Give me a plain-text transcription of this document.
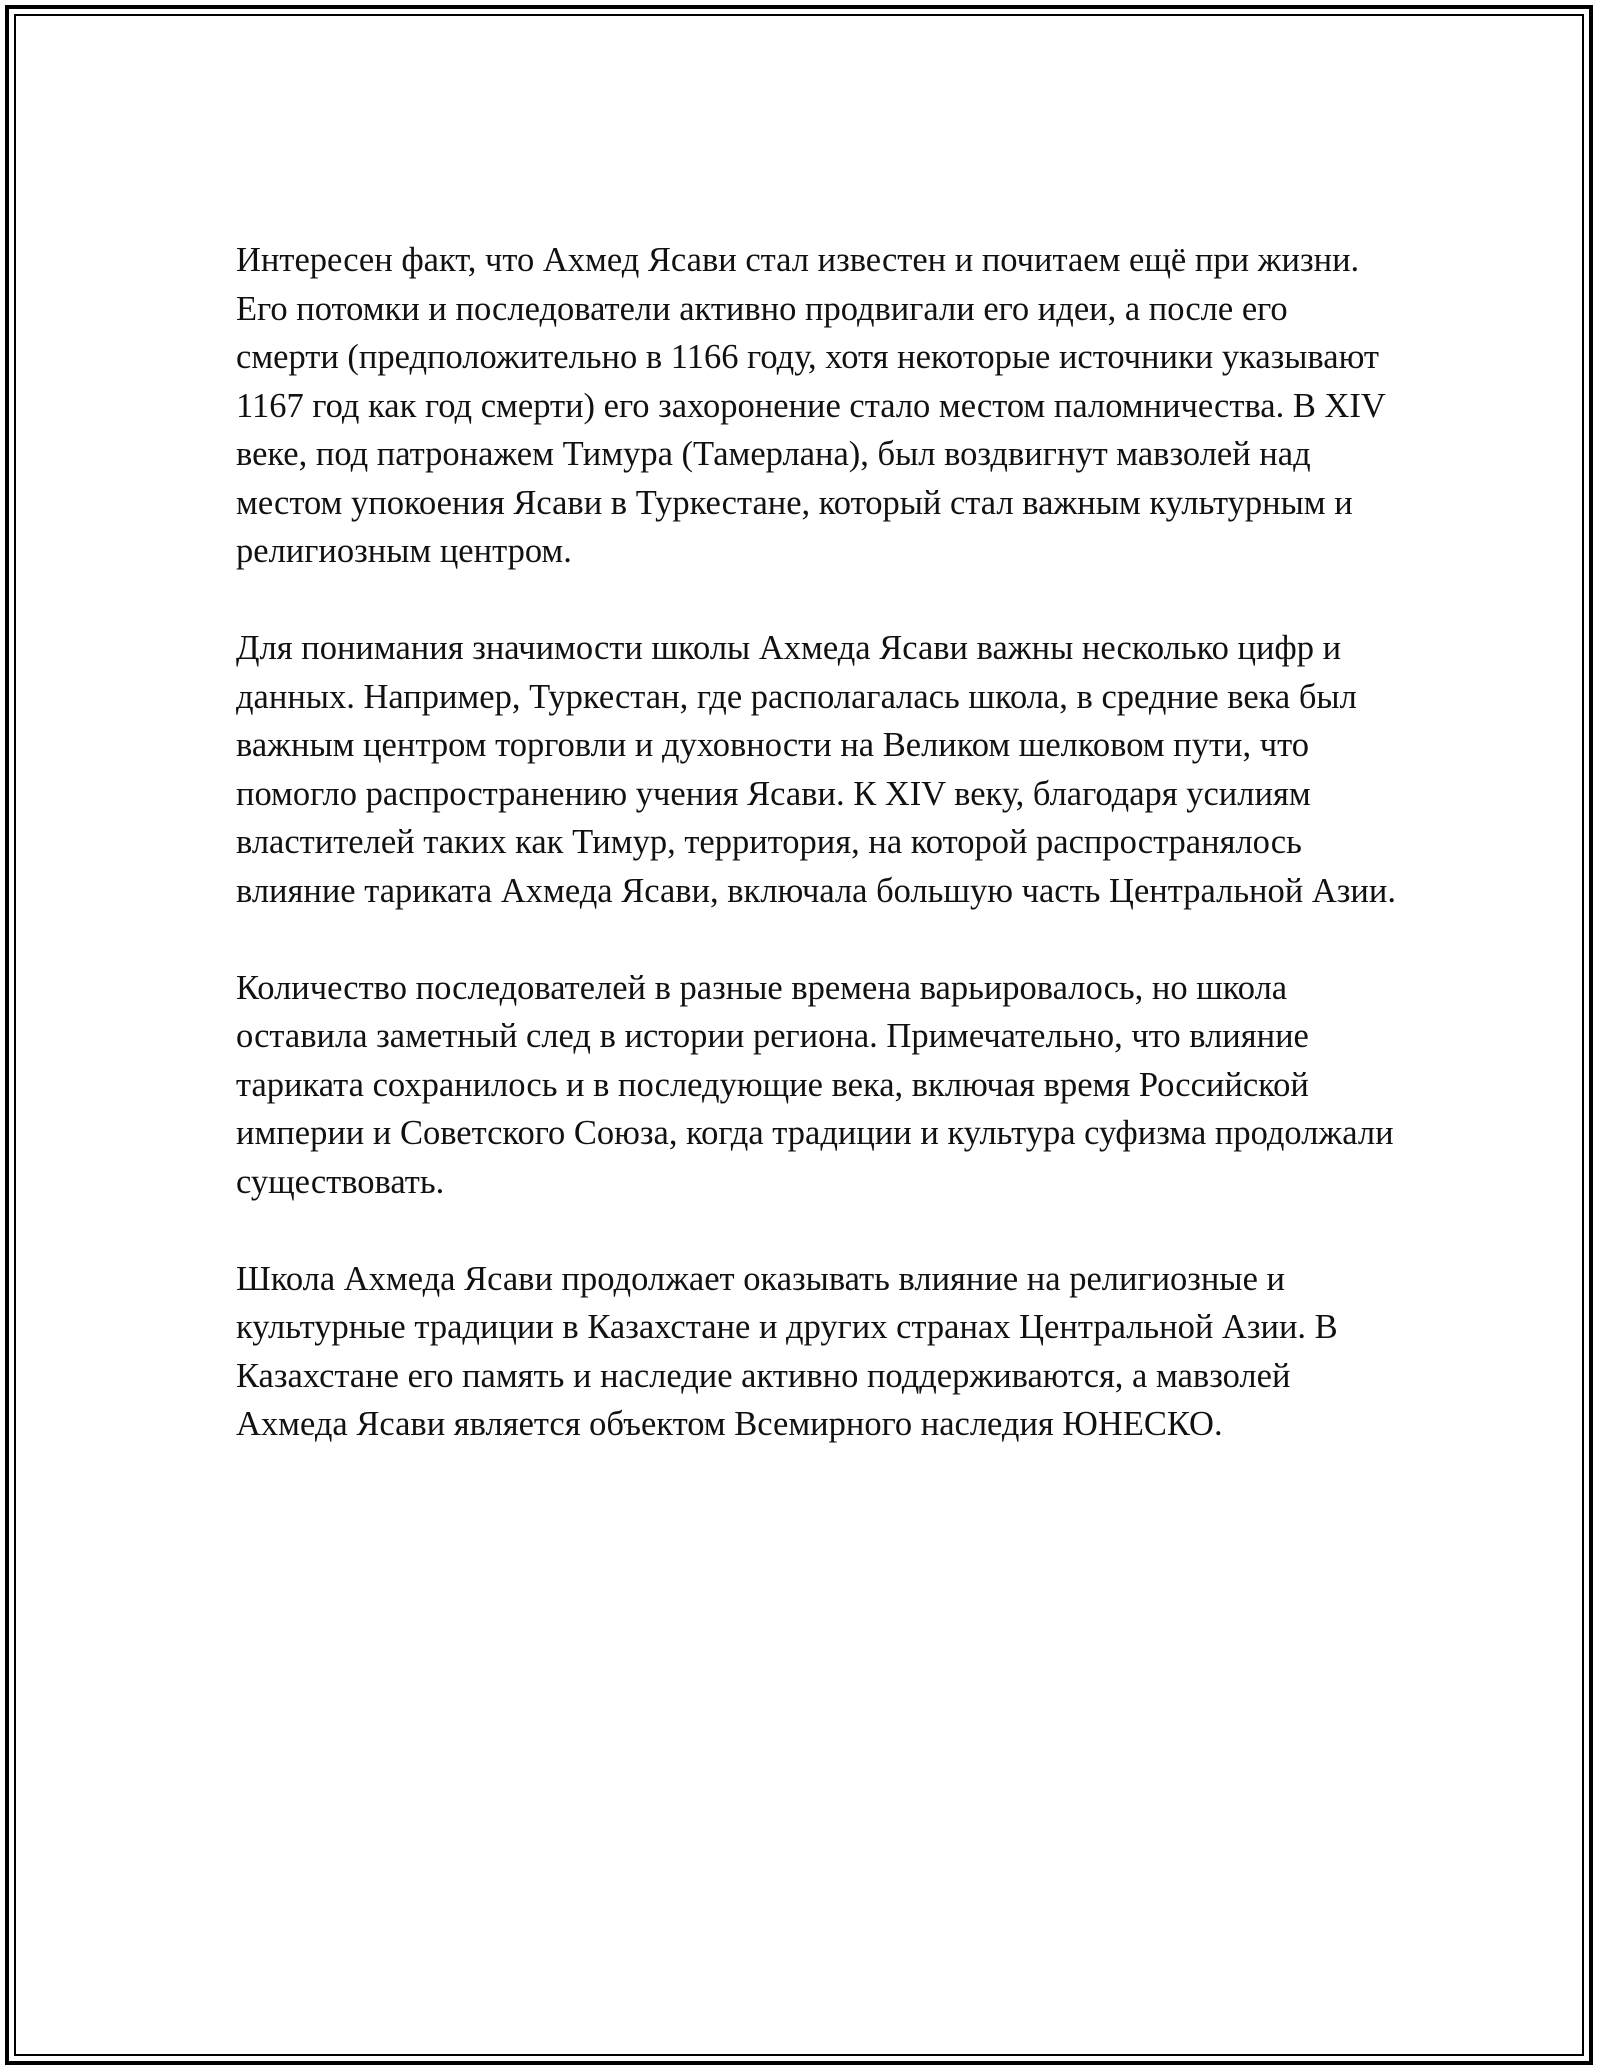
Интересен факт, что Ахмед Ясави стал известен и почитаем ещё при жизни. Его потомки и последователи активно продвигали его идеи, а после его смерти (предположительно в 1166 году, хотя некоторые источники указывают 1167 год как год смерти) его захоронение стало местом паломничества. В XIV веке, под патронажем Тимура (Тамерлана), был воздвигнут мавзолей над местом упокоения Ясави в Туркестане, который стал важным культурным и религиозным центром.

Для понимания значимости школы Ахмеда Ясави важны несколько цифр и данных. Например, Туркестан, где располагалась школа, в средние века был важным центром торговли и духовности на Великом шелковом пути, что помогло распространению учения Ясави. К XIV веку, благодаря усилиям властителей таких как Тимур, территория, на которой распространялось влияние тариката Ахмеда Ясави, включала большую часть Центральной Азии.

Количество последователей в разные времена варьировалось, но школа оставила заметный след в истории региона. Примечательно, что влияние тариката сохранилось и в последующие века, включая время Российской империи и Советского Союза, когда традиции и культура суфизма продолжали существовать.

Школа Ахмеда Ясави продолжает оказывать влияние на религиозные и культурные традиции в Казахстане и других странах Центральной Азии. В Казахстане его память и наследие активно поддерживаются, а мавзолей Ахмеда Ясави является объектом Всемирного наследия ЮНЕСКО.
